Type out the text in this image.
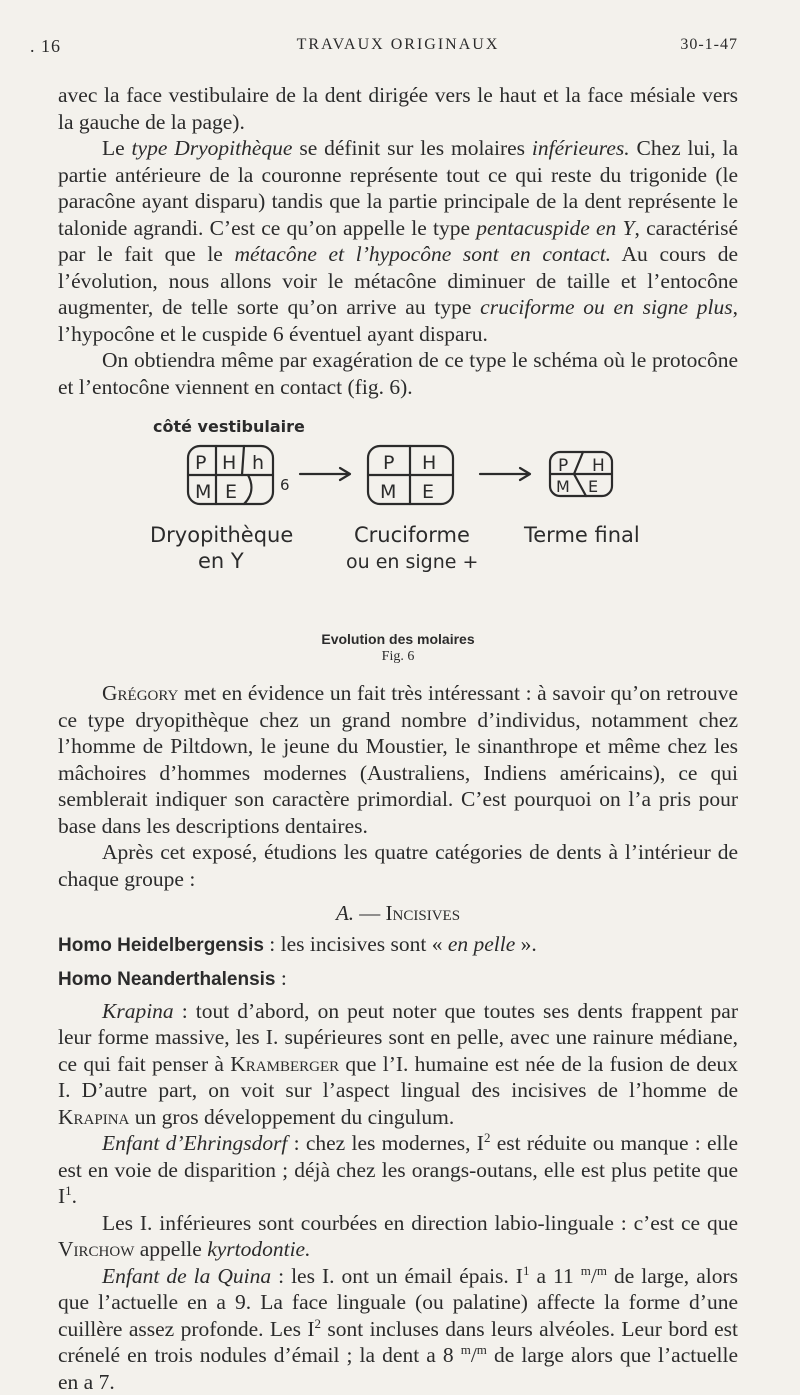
. 16	TRAVAUX ORIGINAUX	30-1-47

avec la face vestibulaire de la dent dirigée vers le haut et la face mésiale vers la gauche de la page).

Le type Dryopithèque se définit sur les molaires inférieures. Chez lui, la partie antérieure de la couronne représente tout ce qui reste du trigonide (le paracône ayant disparu) tandis que la partie principale de la dent représente le talonide agrandi. C’est ce qu’on appelle le type pentacuspide en Y, caractérisé par le fait que le métacône et l’hypocône sont en contact. Au cours de l’évolution, nous allons voir le métacône diminuer de taille et l’entocône augmenter, de telle sorte qu’on arrive au type cruciforme ou en signe plus, l’hypocône et le cuspide 6 éventuel ayant disparu.

On obtiendra même par exagération de ce type le schéma où le protocône et l’entocône viennent en contact (fig. 6).

côté vestibulaire
P H h
M E	6
P H
M E
P H
M E
Dryopithèque
en Y
Cruciforme
ou en signe +
Terme final
Evolution des molaires
Fig. 6

Grégory met en évidence un fait très intéressant : à savoir qu’on retrouve ce type dryopithèque chez un grand nombre d’individus, notamment chez l’homme de Piltdown, le jeune du Moustier, le sinanthrope et même chez les mâchoires d’hommes modernes (Australiens, Indiens américains), ce qui semblerait indiquer son caractère primordial. C’est pourquoi on l’a pris pour base dans les descriptions dentaires.

Après cet exposé, étudions les quatre catégories de dents à l’intérieur de chaque groupe :

A. — Incisives

Homo Heidelbergensis : les incisives sont « en pelle ».

Homo Neanderthalensis :

Krapina : tout d’abord, on peut noter que toutes ses dents frappent par leur forme massive, les I. supérieures sont en pelle, avec une rainure médiane, ce qui fait penser à Kramberger que l’I. humaine est née de la fusion de deux I. D’autre part, on voit sur l’aspect lingual des incisives de l’homme de Krapina un gros développement du cingulum.

Enfant d’Ehringsdorf : chez les modernes, $I^2$ est réduite ou manque : elle est en voie de disparition ; déjà chez les orangs-outans, elle est plus petite que $I^1$.

Les I. inférieures sont courbées en direction labio-linguale : c’est ce que Virchow appelle kyrtodontie.

Enfant de la Quina : les I. ont un émail épais. $I^1$ a 11 $^m$/$^m$ de large, alors que l’actuelle en a 9. La face linguale (ou palatine) affecte la forme d’une cuillère assez profonde. Les $I^2$ sont incluses dans leurs alvéoles. Leur bord est crénelé en trois nodules d’émail ; la dent a 8 $^m$/$^m$ de large alors que l’actuelle en a 7.
